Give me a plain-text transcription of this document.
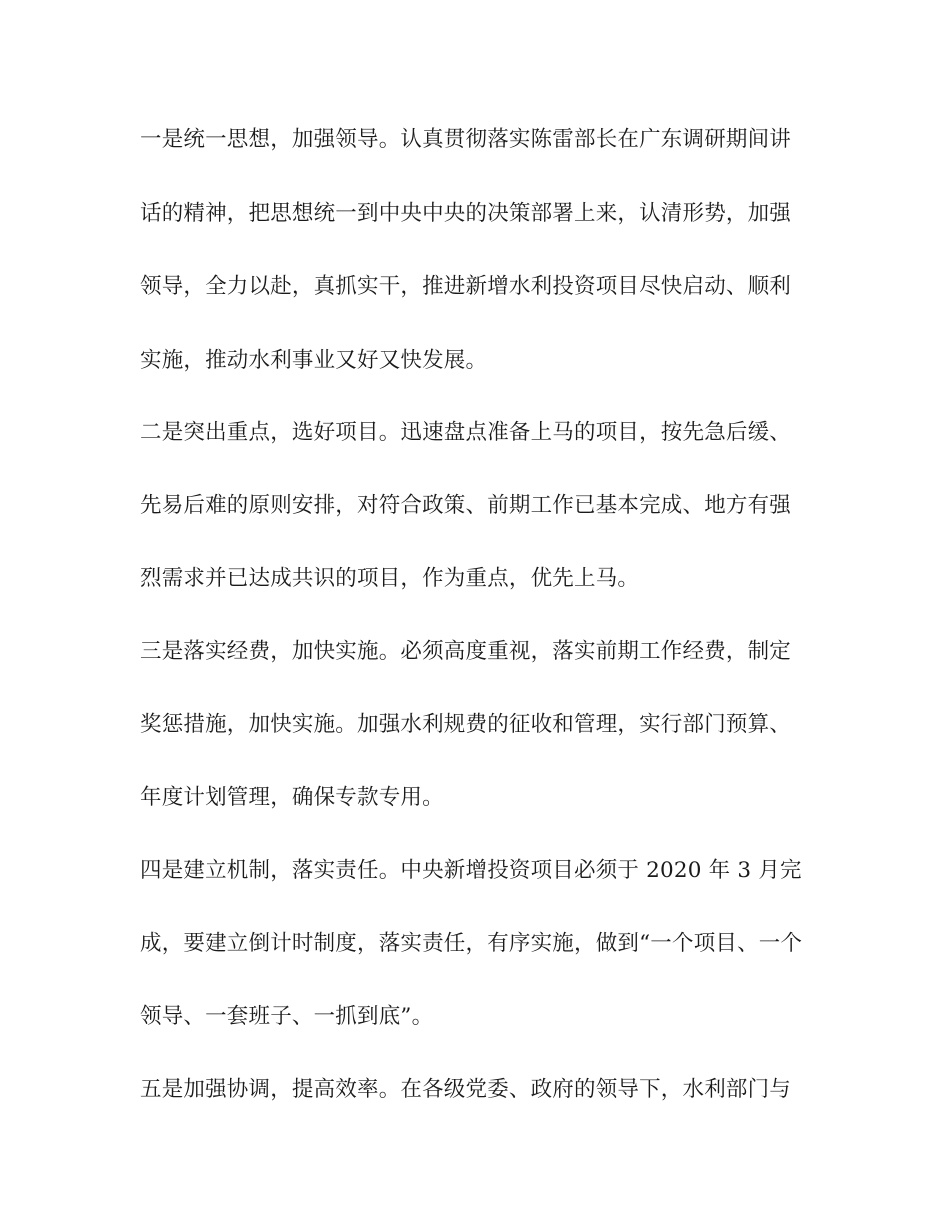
一是统一思想，加强领导。认真贯彻落实陈雷部长在广东调研期间讲

话的精神，把思想统一到中央中央的决策部署上来，认清形势，加强

领导，全力以赴，真抓实干，推进新增水利投资项目尽快启动、顺利

实施，推动水利事业又好又快发展。

二是突出重点，选好项目。迅速盘点准备上马的项目，按先急后缓、

先易后难的原则安排，对符合政策、前期工作已基本完成、地方有强

烈需求并已达成共识的项目，作为重点，优先上马。

三是落实经费，加快实施。必须高度重视，落实前期工作经费，制定

奖惩措施，加快实施。加强水利规费的征收和管理，实行部门预算、

年度计划管理，确保专款专用。

四是建立机制，落实责任。中央新增投资项目必须于 2020 年 3 月完

成，要建立倒计时制度，落实责任，有序实施，做到“一个项目、一个

领导、一套班子、一抓到底”。

五是加强协调，提高效率。在各级党委、政府的领导下，水利部门与
